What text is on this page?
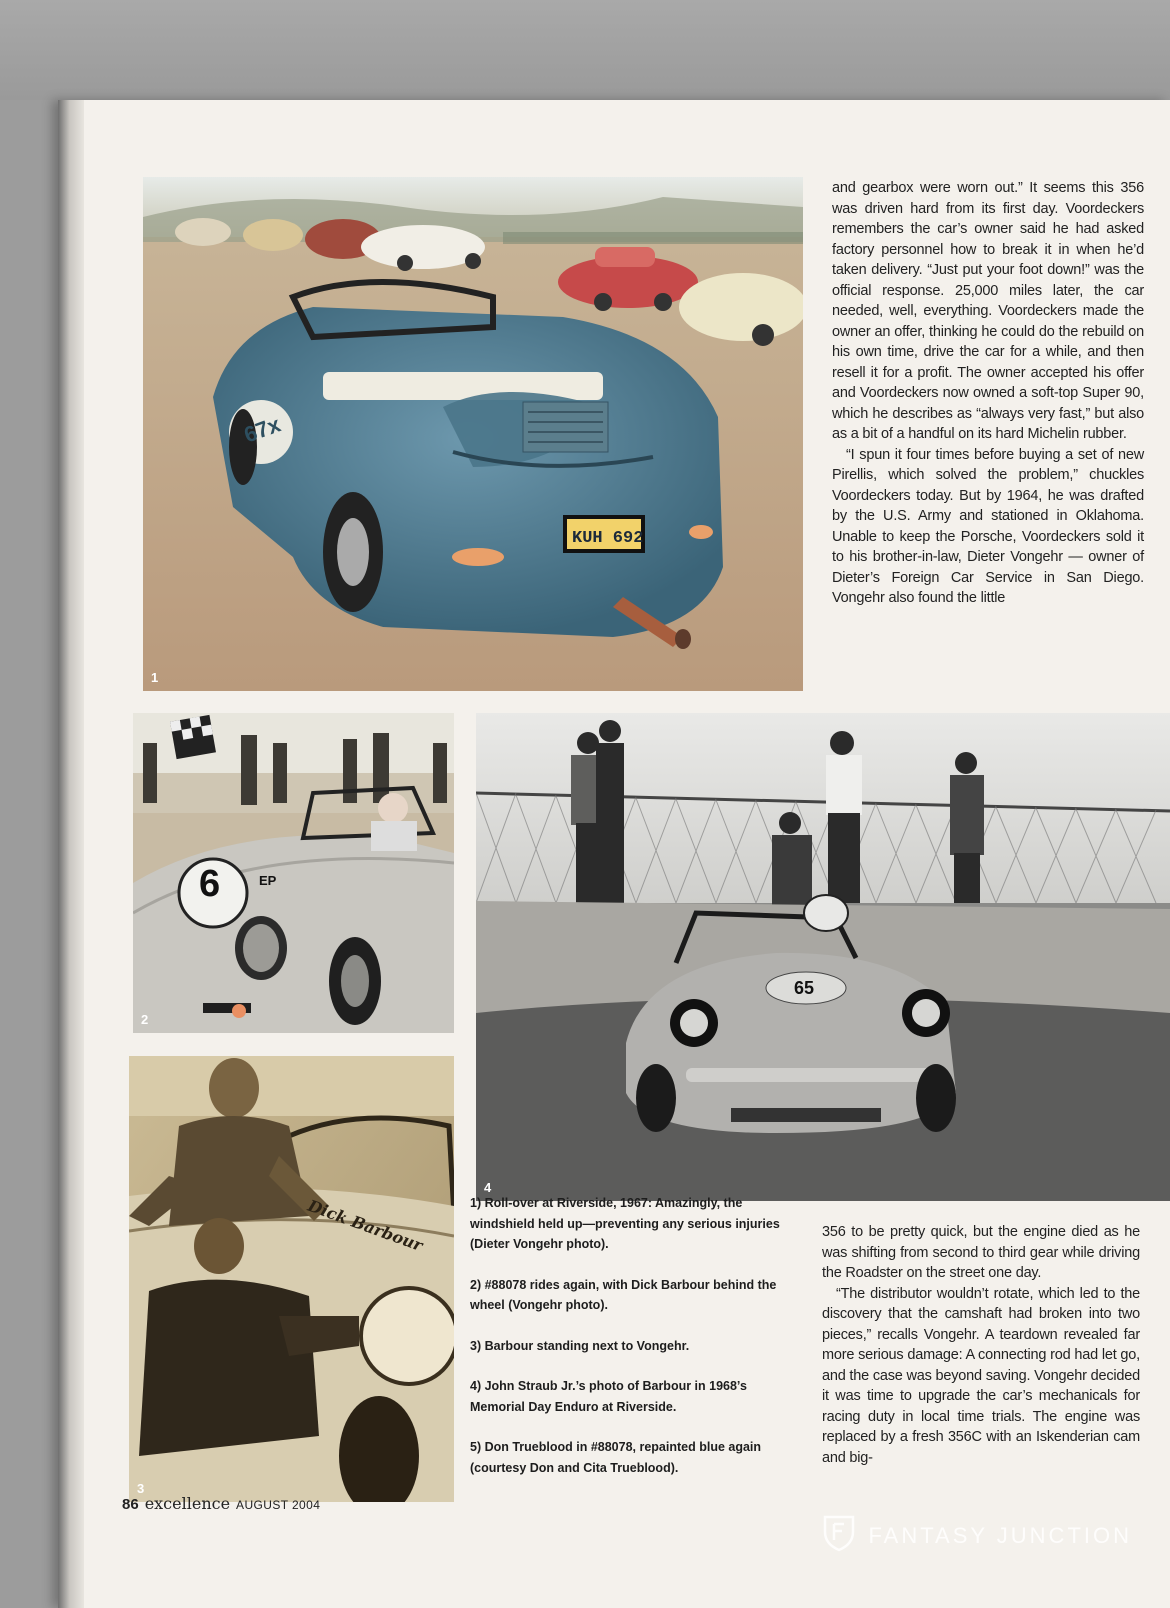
KUH 692
67x
1
6	EP
2
Dick Barbour
3
65
4

and gearbox were worn out.” It seems this 356 was driven hard from its first day. Voordeckers remembers the car’s owner said he had asked factory personnel how to break it in when he’d taken delivery. “Just put your foot down!” was the official response. 25,000 miles later, the car needed, well, everything. Voordeckers made the owner an offer, thinking he could do the rebuild on his own time, drive the car for a while, and then resell it for a profit. The owner accepted his offer and Voordeckers now owned a soft-top Super 90, which he describes as “always very fast,” but also as a bit of a handful on its hard Michelin rubber.

“I spun it four times before buying a set of new Pirellis, which solved the problem,” chuckles Voordeckers today. But by 1964, he was drafted by the U.S. Army and stationed in Oklahoma. Unable to keep the Porsche, Voordeckers sold it to his brother-in-law, Dieter Vongehr — owner of Dieter’s Foreign Car Service in San Diego. Vongehr also found the little

1) Roll-over at Riverside, 1967: Amazingly, the windshield held up—preventing any serious injuries (Dieter Vongehr photo).

2) #88078 rides again, with Dick Barbour behind the wheel (Vongehr photo).

3) Barbour standing next to Vongehr.

4) John Straub Jr.’s photo of Barbour in 1968’s Memorial Day Enduro at Riverside.

5) Don Trueblood in #88078, repainted blue again (courtesy Don and Cita Trueblood).

356 to be pretty quick, but the engine died as he was shifting from second to third gear while driving the Roadster on the street one day.

“The distributor wouldn’t rotate, which led to the discovery that the camshaft had broken into two pieces,” recalls Vongehr. A teardown revealed far more serious damage: A connecting rod had let go, and the case was beyond saving. Vongehr decided it was time to upgrade the car’s mechanicals for racing duty in local time trials. The engine was replaced by a fresh 356C with an Iskenderian cam and big-

86 excellence AUGUST 2004
FANTASY JUNCTION
